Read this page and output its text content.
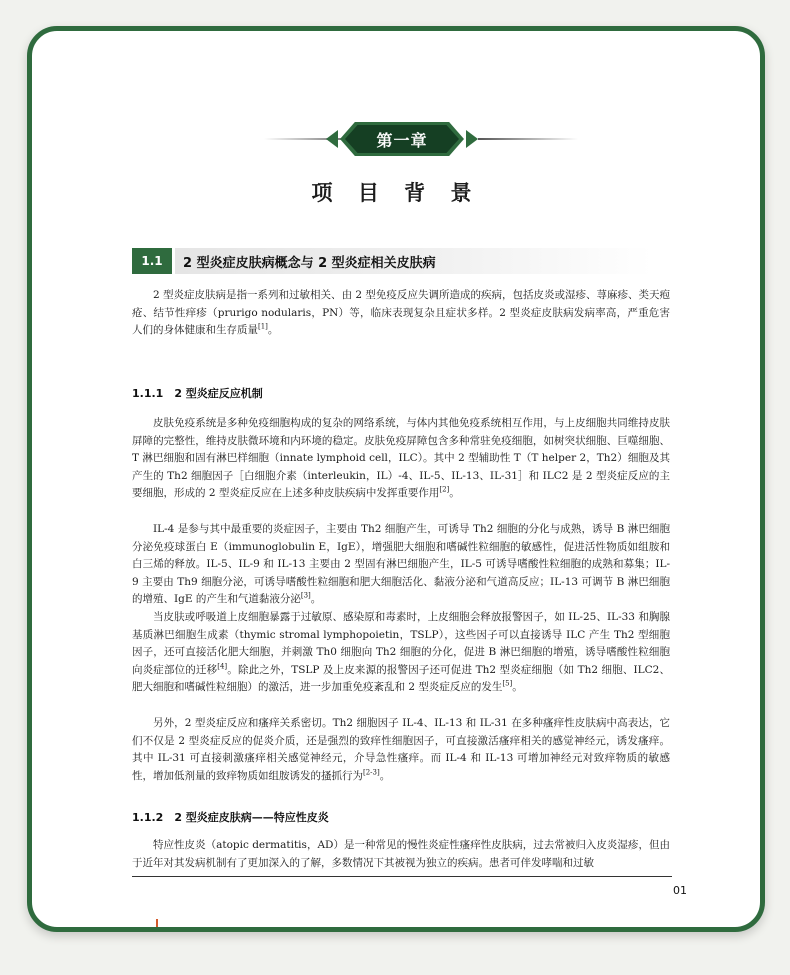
第一章
项 目 背 景
1.1	2 型炎症皮肤病概念与 2 型炎症相关皮肤病
2 型炎症皮肤病是指一系列和过敏相关、由 2 型免疫反应失调所造成的疾病，包括皮炎或湿疹、荨麻疹、类天疱疮、结节性痒疹（prurigo nodularis，PN）等，临床表现复杂且症状多样。2 型炎症皮肤病发病率高，严重危害人们的身体健康和生存质量[1]。
1.1.1　2 型炎症反应机制
皮肤免疫系统是多种免疫细胞构成的复杂的网络系统，与体内其他免疫系统相互作用，与上皮细胞共同维持皮肤屏障的完整性，维持皮肤微环境和内环境的稳定。皮肤免疫屏障包含多种常驻免疫细胞，如树突状细胞、巨噬细胞、T 淋巴细胞和固有淋巴样细胞（innate lymphoid cell，ILC）。其中 2 型辅助性 T（T helper 2，Th2）细胞及其产生的 Th2 细胞因子［白细胞介素（interleukin，IL）-4、IL-5、IL-13、IL-31］和 ILC2 是 2 型炎症反应的主要细胞，形成的 2 型炎症反应在上述多种皮肤疾病中发挥重要作用[2]。
IL-4 是参与其中最重要的炎症因子，主要由 Th2 细胞产生，可诱导 Th2 细胞的分化与成熟，诱导 B 淋巴细胞分泌免疫球蛋白 E（immunoglobulin E，IgE），增强肥大细胞和嗜碱性粒细胞的敏感性，促进活性物质如组胺和白三烯的释放。IL-5、IL-9 和 IL-13 主要由 2 型固有淋巴细胞产生，IL-5 可诱导嗜酸性粒细胞的成熟和募集；IL-9 主要由 Th9 细胞分泌，可诱导嗜酸性粒细胞和肥大细胞活化、黏液分泌和气道高反应；IL-13 可调节 B 淋巴细胞的增殖、IgE 的产生和气道黏液分泌[3]。
当皮肤或呼吸道上皮细胞暴露于过敏原、感染原和毒素时，上皮细胞会释放报警因子，如 IL-25、IL-33 和胸腺基质淋巴细胞生成素（thymic stromal lymphopoietin，TSLP），这些因子可以直接诱导 ILC 产生 Th2 型细胞因子，还可直接活化肥大细胞，并刺激 Th0 细胞向 Th2 细胞的分化，促进 B 淋巴细胞的增殖，诱导嗜酸性粒细胞向炎症部位的迁移[4]。除此之外，TSLP 及上皮来源的报警因子还可促进 Th2 型炎症细胞（如 Th2 细胞、ILC2、肥大细胞和嗜碱性粒细胞）的激活，进一步加重免疫紊乱和 2 型炎症反应的发生[5]。
另外，2 型炎症反应和瘙痒关系密切。Th2 细胞因子 IL-4、IL-13 和 IL-31 在多种瘙痒性皮肤病中高表达，它们不仅是 2 型炎症反应的促炎介质，还是强烈的致痒性细胞因子，可直接激活瘙痒相关的感觉神经元，诱发瘙痒。其中 IL-31 可直接刺激瘙痒相关感觉神经元，介导急性瘙痒。而 IL-4 和 IL-13 可增加神经元对致痒物质的敏感性，增加低剂量的致痒物质如组胺诱发的搔抓行为[2-3]。
1.1.2　2 型炎症皮肤病——特应性皮炎
特应性皮炎（atopic dermatitis，AD）是一种常见的慢性炎症性瘙痒性皮肤病，过去常被归入皮炎湿疹，但由于近年对其发病机制有了更加深入的了解，多数情况下其被视为独立的疾病。患者可伴发哮喘和过敏
01
